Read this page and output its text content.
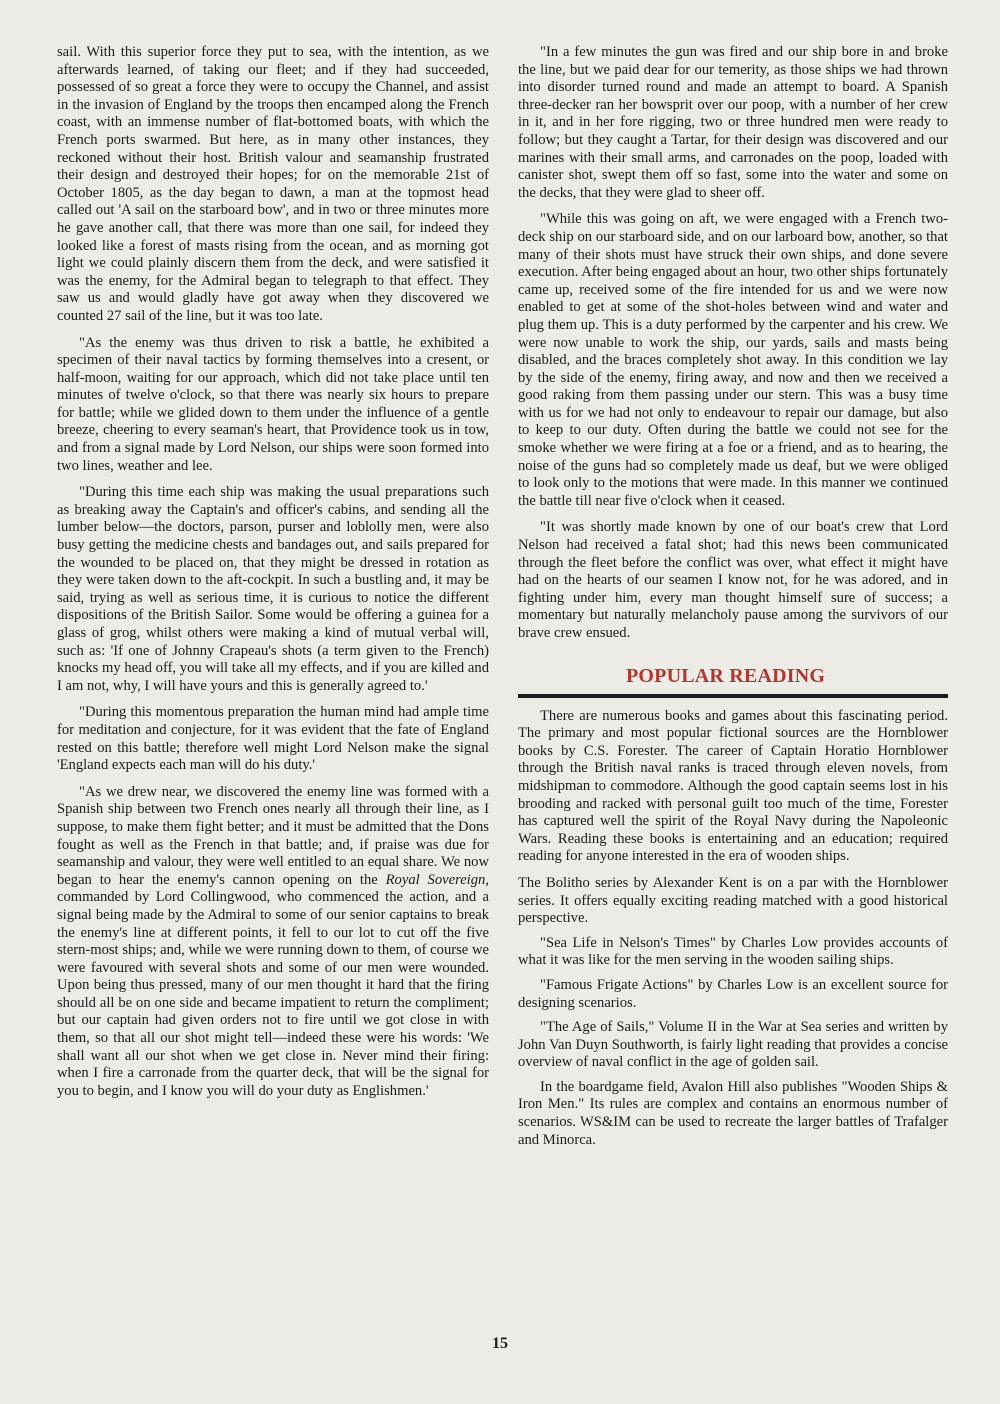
sail. With this superior force they put to sea, with the intention, as we afterwards learned, of taking our fleet; and if they had succeeded, possessed of so great a force they were to occupy the Channel, and assist in the invasion of England by the troops then encamped along the French coast, with an immense number of flat-bottomed boats, with which the French ports swarmed. But here, as in many other instances, they reckoned without their host. British valour and seamanship frustrated their design and destroyed their hopes; for on the memorable 21st of October 1805, as the day began to dawn, a man at the topmost head called out 'A sail on the starboard bow', and in two or three minutes more he gave another call, that there was more than one sail, for indeed they looked like a forest of masts rising from the ocean, and as morning got light we could plainly discern them from the deck, and were satisfied it was the enemy, for the Admiral began to telegraph to that effect. They saw us and would gladly have got away when they discovered we counted 27 sail of the line, but it was too late.

"As the enemy was thus driven to risk a battle, he exhibited a specimen of their naval tactics by forming themselves into a cresent, or half-moon, waiting for our approach, which did not take place until ten minutes of twelve o'clock, so that there was nearly six hours to prepare for battle; while we glided down to them under the influence of a gentle breeze, cheering to every seaman's heart, that Providence took us in tow, and from a signal made by Lord Nelson, our ships were soon formed into two lines, weather and lee.

"During this time each ship was making the usual preparations such as breaking away the Captain's and officer's cabins, and sending all the lumber below—the doctors, parson, purser and loblolly men, were also busy getting the medicine chests and bandages out, and sails prepared for the wounded to be placed on, that they might be dressed in rotation as they were taken down to the aft-cockpit. In such a bustling and, it may be said, trying as well as serious time, it is curious to notice the different dispositions of the British Sailor. Some would be offering a guinea for a glass of grog, whilst others were making a kind of mutual verbal will, such as: 'If one of Johnny Crapeau's shots (a term given to the French) knocks my head off, you will take all my effects, and if you are killed and I am not, why, I will have yours and this is generally agreed to.'

"During this momentous preparation the human mind had ample time for meditation and conjecture, for it was evident that the fate of England rested on this battle; therefore well might Lord Nelson make the signal 'England expects each man will do his duty.'

"As we drew near, we discovered the enemy line was formed with a Spanish ship between two French ones nearly all through their line, as I suppose, to make them fight better; and it must be admitted that the Dons fought as well as the French in that battle; and, if praise was due for seamanship and valour, they were well entitled to an equal share. We now began to hear the enemy's cannon opening on the Royal Sovereign, commanded by Lord Collingwood, who commenced the action, and a signal being made by the Admiral to some of our senior captains to break the enemy's line at different points, it fell to our lot to cut off the five stern-most ships; and, while we were running down to them, of course we were favoured with several shots and some of our men were wounded. Upon being thus pressed, many of our men thought it hard that the firing should all be on one side and became impatient to return the compliment; but our captain had given orders not to fire until we got close in with them, so that all our shot might tell—indeed these were his words: 'We shall want all our shot when we get close in. Never mind their firing: when I fire a carronade from the quarter deck, that will be the signal for you to begin, and I know you will do your duty as Englishmen.'

"In a few minutes the gun was fired and our ship bore in and broke the line, but we paid dear for our temerity, as those ships we had thrown into disorder turned round and made an attempt to board. A Spanish three-decker ran her bowsprit over our poop, with a number of her crew in it, and in her fore rigging, two or three hundred men were ready to follow; but they caught a Tartar, for their design was discovered and our marines with their small arms, and carronades on the poop, loaded with canister shot, swept them off so fast, some into the water and some on the decks, that they were glad to sheer off.

"While this was going on aft, we were engaged with a French two-deck ship on our starboard side, and on our larboard bow, another, so that many of their shots must have struck their own ships, and done severe execution. After being engaged about an hour, two other ships fortunately came up, received some of the fire intended for us and we were now enabled to get at some of the shot-holes between wind and water and plug them up. This is a duty performed by the carpenter and his crew. We were now unable to work the ship, our yards, sails and masts being disabled, and the braces completely shot away. In this condition we lay by the side of the enemy, firing away, and now and then we received a good raking from them passing under our stern. This was a busy time with us for we had not only to endeavour to repair our damage, but also to keep to our duty. Often during the battle we could not see for the smoke whether we were firing at a foe or a friend, and as to hearing, the noise of the guns had so completely made us deaf, but we were obliged to look only to the motions that were made. In this manner we continued the battle till near five o'clock when it ceased.

"It was shortly made known by one of our boat's crew that Lord Nelson had received a fatal shot; had this news been communicated through the fleet before the conflict was over, what effect it might have had on the hearts of our seamen I know not, for he was adored, and in fighting under him, every man thought himself sure of success; a momentary but naturally melancholy pause among the survivors of our brave crew ensued.

POPULAR READING

There are numerous books and games about this fascinating period. The primary and most popular fictional sources are the Hornblower books by C.S. Forester. The career of Captain Horatio Hornblower through the British naval ranks is traced through eleven novels, from midshipman to commodore. Although the good captain seems lost in his brooding and racked with personal guilt too much of the time, Forester has captured well the spirit of the Royal Navy during the Napoleonic Wars. Reading these books is entertaining and an education; required reading for anyone interested in the era of wooden ships.

The Bolitho series by Alexander Kent is on a par with the Hornblower series. It offers equally exciting reading matched with a good historical perspective.

"Sea Life in Nelson's Times" by Charles Low provides accounts of what it was like for the men serving in the wooden sailing ships.

"Famous Frigate Actions" by Charles Low is an excellent source for designing scenarios.

"The Age of Sails," Volume II in the War at Sea series and written by John Van Duyn Southworth, is fairly light reading that provides a concise overview of naval conflict in the age of golden sail.

In the boardgame field, Avalon Hill also publishes "Wooden Ships & Iron Men." Its rules are complex and contains an enormous number of scenarios. WS&IM can be used to recreate the larger battles of Trafalger and Minorca.

15
